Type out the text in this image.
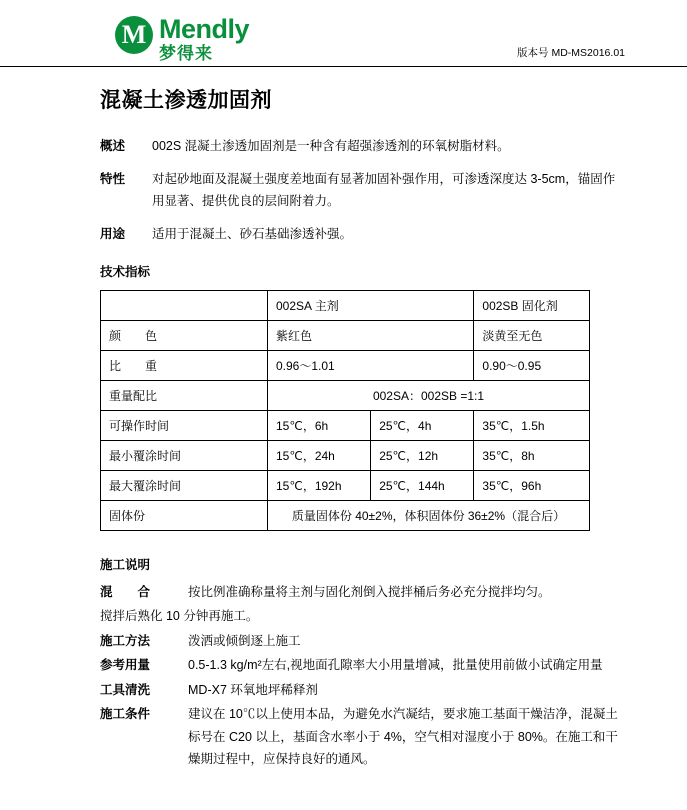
M Mendly
梦得来	版本号 MD-MS2016.01
混凝土渗透加固剂
概述	002S 混凝土渗透加固剂是一种含有超强渗透剂的环氧树脂材料。
特性	对起砂地面及混凝土强度差地面有显著加固补强作用，可渗透深度达 3-5cm，锚固作用显著、提供优良的层间附着力。
用途	适用于混凝土、砂石基础渗透补强。
技术指标
	002SA 主剂		002SB 固化剂
颜　　色	紫红色		淡黄至无色
比　　重	0.96～1.01		0.90～0.95
重量配比	002SA：002SB =1:1		
可操作时间	15℃，6h	25℃，4h	35℃，1.5h
最小覆涂时间	15℃，24h	25℃，12h	35℃，8h
最大覆涂时间	15℃，192h	25℃，144h	35℃，96h
固体份	质量固体份 40±2%，体积固体份 36±2%（混合后）		
施工说明
混　　合	按比例准确称量将主剂与固化剂倒入搅拌桶后务必充分搅拌均匀。
搅拌后熟化 10 分钟再施工。
施工方法	泼洒或倾倒逐上施工
参考用量	0.5-1.3 kg/m²左右,视地面孔隙率大小用量增减，批量使用前做小试确定用量
工具清洗	MD-X7 环氧地坪稀释剂
施工条件	建议在 10℃以上使用本品，为避免水汽凝结，要求施工基面干燥洁净，混凝土标号在 C20 以上，基面含水率小于 4%，空气相对湿度小于 80%。在施工和干燥期过程中，应保持良好的通风。
